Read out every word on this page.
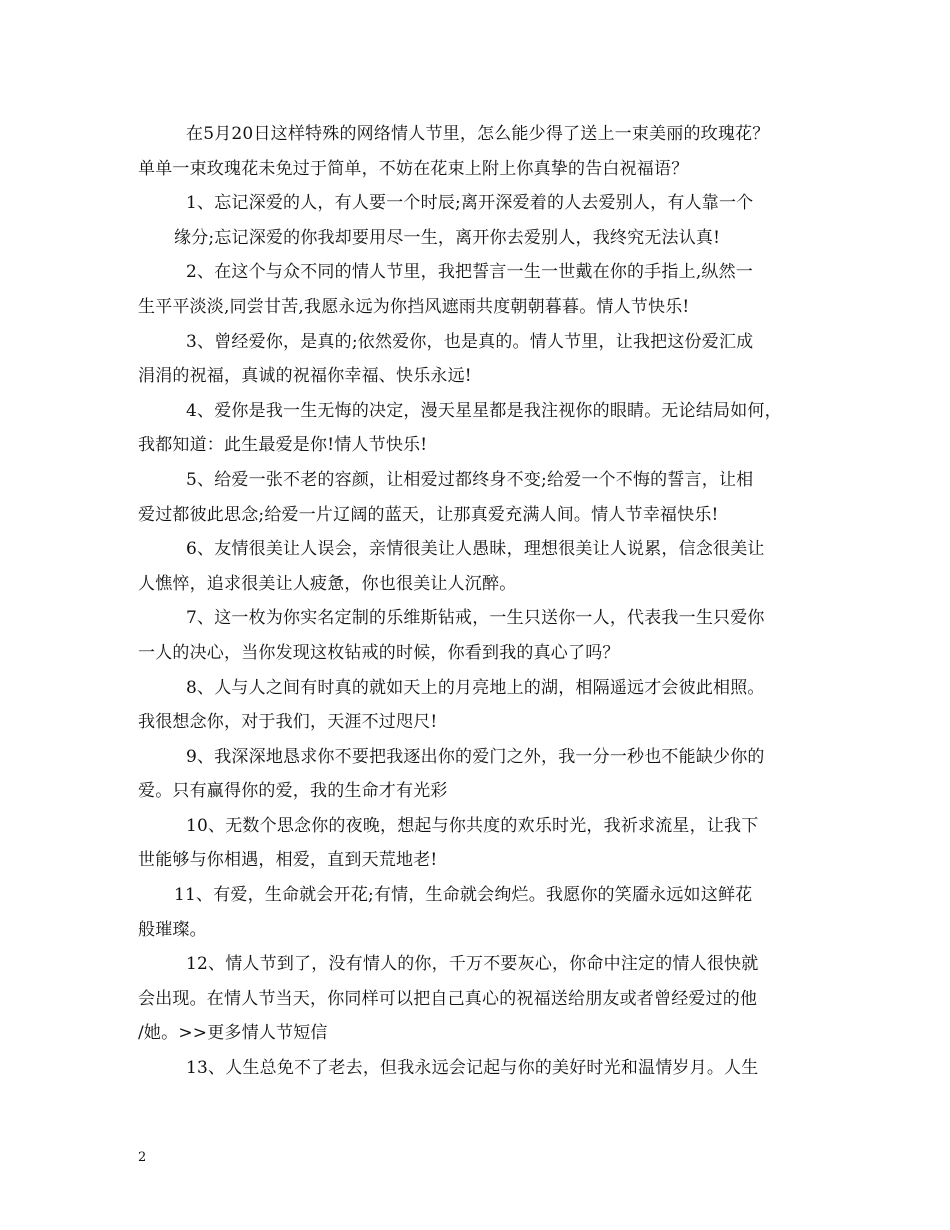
在5月20日这样特殊的网络情人节里，怎么能少得了送上一束美丽的玫瑰花？
单单一束玫瑰花未免过于简单，不妨在花束上附上你真挚的告白祝福语？
1、忘记深爱的人，有人要一个时辰;离开深爱着的人去爱别人，有人靠一个
缘分;忘记深爱的你我却要用尽一生，离开你去爱别人，我终究无法认真!
2、在这个与众不同的情人节里，我把誓言一生一世戴在你的手指上,纵然一
生平平淡淡,同尝甘苦,我愿永远为你挡风遮雨共度朝朝暮暮。情人节快乐!
3、曾经爱你，是真的;依然爱你，也是真的。情人节里，让我把这份爱汇成
涓涓的祝福，真诚的祝福你幸福、快乐永远!
4、爱你是我一生无悔的决定，漫天星星都是我注视你的眼睛。无论结局如何，
我都知道：此生最爱是你!情人节快乐!
5、给爱一张不老的容颜，让相爱过都终身不变;给爱一个不悔的誓言，让相
爱过都彼此思念;给爱一片辽阔的蓝天，让那真爱充满人间。情人节幸福快乐!
6、友情很美让人误会，亲情很美让人愚昧，理想很美让人说累，信念很美让
人憔悴，追求很美让人疲惫，你也很美让人沉醉。
7、这一枚为你实名定制的乐维斯钻戒，一生只送你一人，代表我一生只爱你
一人的决心，当你发现这枚钻戒的时候，你看到我的真心了吗？
8、人与人之间有时真的就如天上的月亮地上的湖，相隔遥远才会彼此相照。
我很想念你，对于我们，天涯不过咫尺!
9、我深深地恳求你不要把我逐出你的爱门之外，我一分一秒也不能缺少你的
爱。只有赢得你的爱，我的生命才有光彩
10、无数个思念你的夜晚，想起与你共度的欢乐时光，我祈求流星，让我下
世能够与你相遇，相爱，直到天荒地老!
11、有爱，生命就会开花;有情，生命就会绚烂。我愿你的笑靥永远如这鲜花
般璀璨。
12、情人节到了，没有情人的你，千万不要灰心，你命中注定的情人很快就
会出现。在情人节当天，你同样可以把自己真心的祝福送给朋友或者曾经爱过的他
/她。>>更多情人节短信
13、人生总免不了老去，但我永远会记起与你的美好时光和温情岁月。人生
2
